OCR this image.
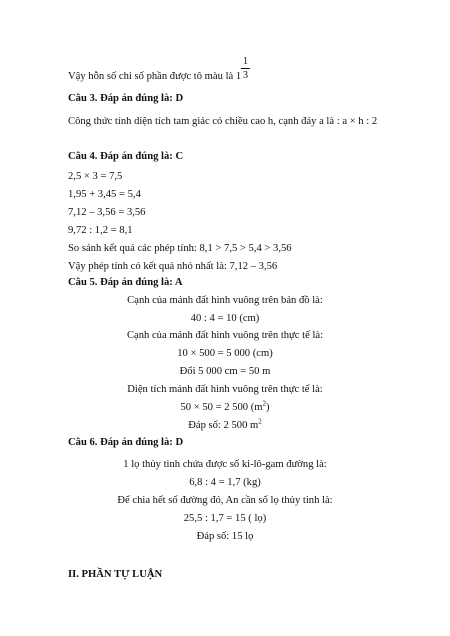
1
3
Vậy hỗn số chỉ số phần được tô màu là 1
Câu 3. Đáp án đúng là: D
Công thức tính diện tích tam giác có chiều cao h, cạnh đáy a là : a × h : 2
Câu 4. Đáp án đúng là: C
2,5 × 3 = 7,5
1,95 + 3,45 = 5,4
7,12 – 3,56 = 3,56
9,72 : 1,2 = 8,1
So sánh kết quả các phép tính: 8,1 > 7,5 > 5,4 > 3,56
Vậy phép tính có kết quả nhỏ nhất là: 7,12 – 3,56
Câu 5. Đáp án đúng là: A
Cạnh của mảnh đất hình vuông trên bản đồ là:
40 : 4 = 10 (cm)
Cạnh của mảnh đất hình vuông trên thực tế là:
10 × 500 = 5 000 (cm)
Đổi 5 000 cm = 50 m
Diện tích mảnh đất hình vuông trên thực tế là:
50 × 50 = 2 500 $(m^2)$
Đáp số: 2 500 $m^2$
Câu 6. Đáp án đúng là: D
1 lọ thủy tinh chứa được số ki-lô-gam đường là:
6,8 : 4 = 1,7 (kg)
Để chia hết số đường đó, An cần số lọ thủy tinh là:
25,5 : 1,7 = 15 ( lọ)
Đáp số: 15 lọ
II. PHẦN TỰ LUẬN
